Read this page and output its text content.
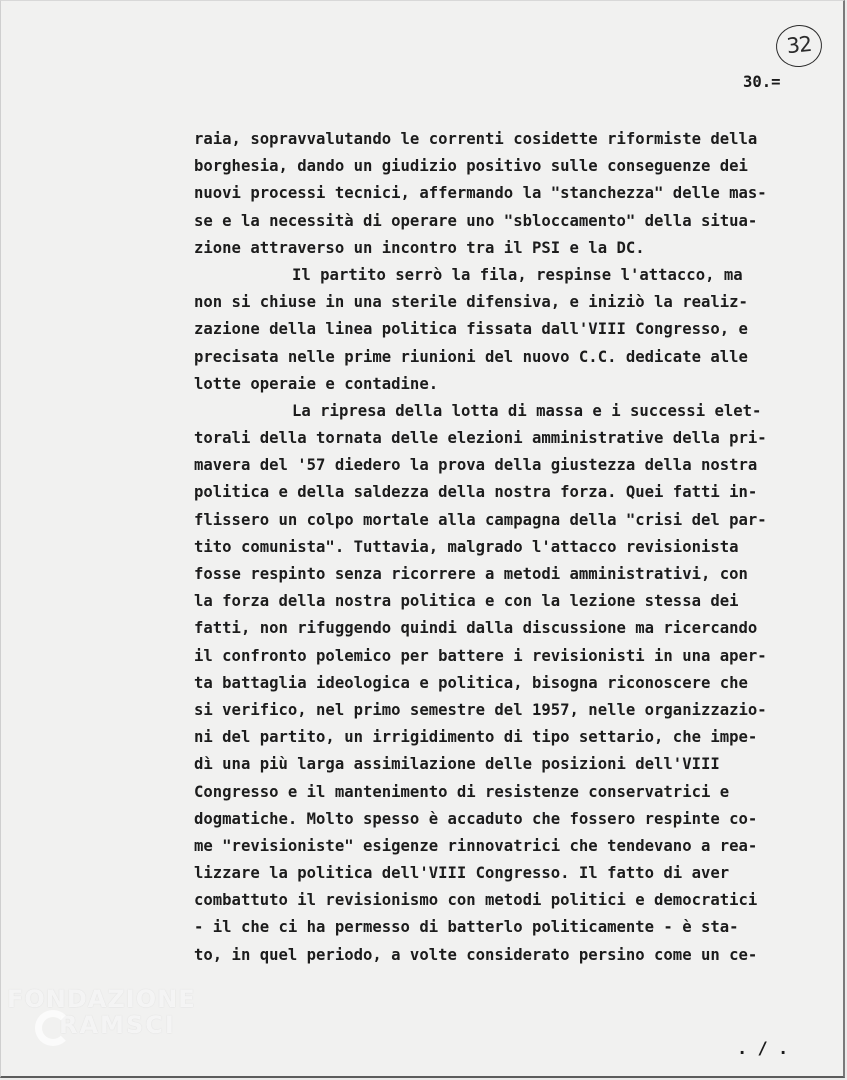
32
30.=
raia, sopravvalutando le correnti cosidette riformiste della
borghesia, dando un giudizio positivo sulle conseguenze dei
nuovi processi tecnici, affermando la "stanchezza" delle mas-
se e la necessità di operare uno "sbloccamento" della situa-
zione attraverso un incontro tra il PSI e la DC.
Il partito serrò la fila, respinse l'attacco, ma
non si chiuse in una sterile difensiva, e iniziò la realiz-
zazione della linea politica fissata dall'VIII Congresso, e
precisata nelle prime riunioni del nuovo C.C. dedicate alle
lotte operaie e contadine.
La ripresa della lotta di massa e i successi elet-
torali della tornata delle elezioni amministrative della pri-
mavera del '57 diedero la prova della giustezza della nostra
politica e della saldezza della nostra forza. Quei fatti in-
flissero un colpo mortale alla campagna della "crisi del par-
tito comunista". Tuttavia, malgrado l'attacco revisionista
fosse respinto senza ricorrere a metodi amministrativi, con
la forza della nostra politica e con la lezione stessa dei
fatti, non rifuggendo quindi dalla discussione ma ricercando
il confronto polemico per battere i revisionisti in una aper-
ta battaglia ideologica e politica, bisogna riconoscere che
si verifico, nel primo semestre del 1957, nelle organizzazio-
ni del partito, un irrigidimento di tipo settario, che impe-
dì una più larga assimilazione delle posizioni dell'VIII
Congresso e il mantenimento di resistenze conservatrici e
dogmatiche. Molto spesso è accaduto che fossero respinte co-
me "revisioniste" esigenze rinnovatrici che tendevano a rea-
lizzare la politica dell'VIII Congresso. Il fatto di aver
combattuto il revisionismo con metodi politici e democratici
- il che ci ha permesso di batterlo politicamente - è sta-
to, in quel periodo, a volte considerato persino come un ce-
FONDAZIONE
RAMSCI
. / .
